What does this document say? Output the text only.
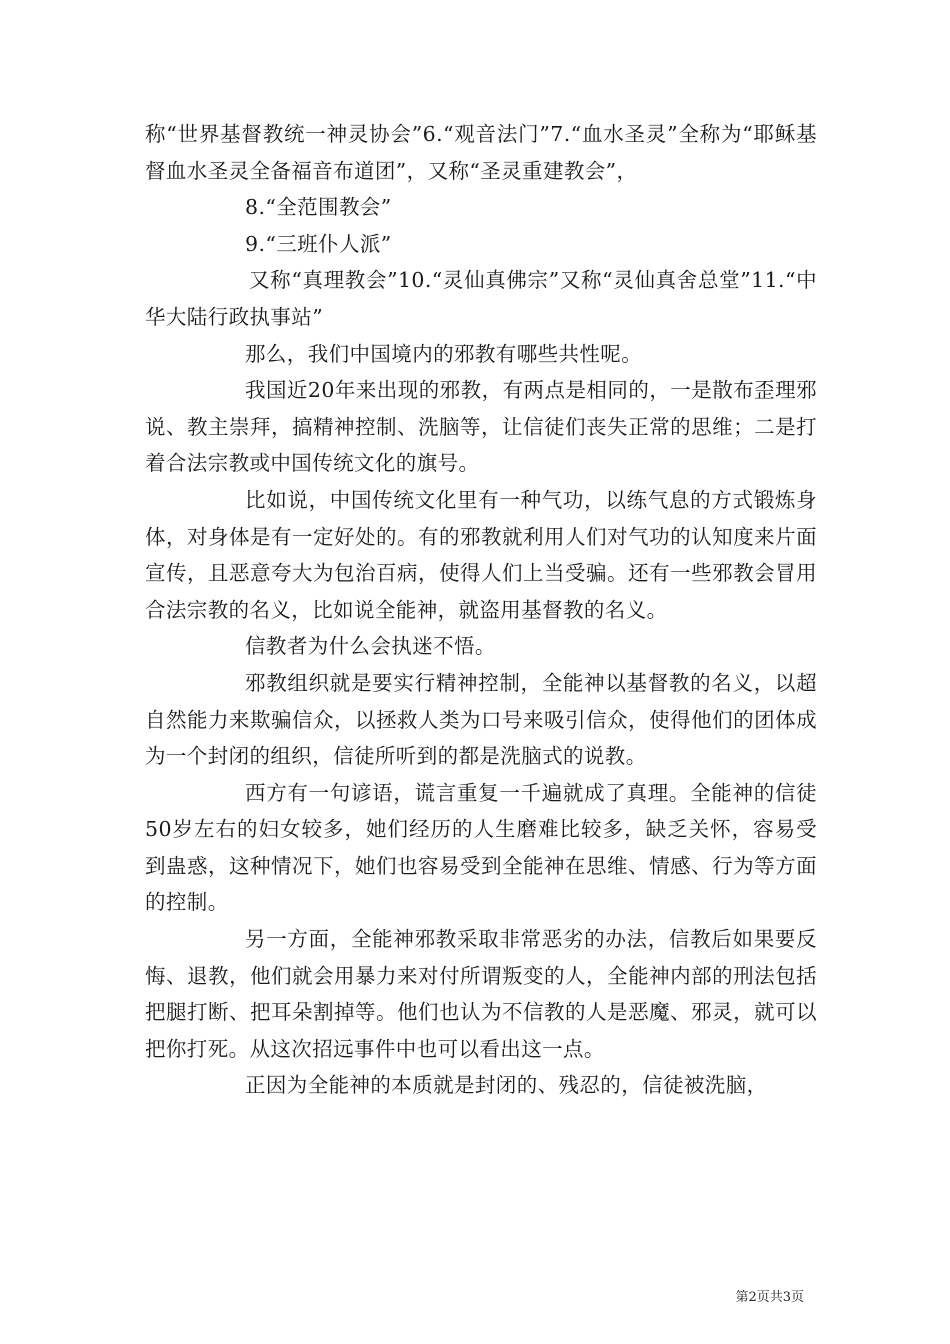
称“世界基督教统一神灵协会”6.“观音法门”7.“血水圣灵”全称为“耶稣基督血水圣灵全备福音布道团”，又称“圣灵重建教会”，

8.“全范围教会”

9.“三班仆人派”

又称“真理教会”10.“灵仙真佛宗”又称“灵仙真舍总堂”11.“中华大陆行政执事站”

那么，我们中国境内的邪教有哪些共性呢。

我国近20年来出现的邪教，有两点是相同的，一是散布歪理邪说、教主崇拜，搞精神控制、洗脑等，让信徒们丧失正常的思维；二是打着合法宗教或中国传统文化的旗号。

比如说，中国传统文化里有一种气功，以练气息的方式锻炼身体，对身体是有一定好处的。有的邪教就利用人们对气功的认知度来片面宣传，且恶意夸大为包治百病，使得人们上当受骗。还有一些邪教会冒用合法宗教的名义，比如说全能神，就盗用基督教的名义。

信教者为什么会执迷不悟。

邪教组织就是要实行精神控制，全能神以基督教的名义，以超自然能力来欺骗信众，以拯救人类为口号来吸引信众，使得他们的团体成为一个封闭的组织，信徒所听到的都是洗脑式的说教。

西方有一句谚语，谎言重复一千遍就成了真理。全能神的信徒50岁左右的妇女较多，她们经历的人生磨难比较多，缺乏关怀，容易受到蛊惑，这种情况下，她们也容易受到全能神在思维、情感、行为等方面的控制。

另一方面，全能神邪教采取非常恶劣的办法，信教后如果要反悔、退教，他们就会用暴力来对付所谓叛变的人，全能神内部的刑法包括把腿打断、把耳朵割掉等。他们也认为不信教的人是恶魔、邪灵，就可以把你打死。从这次招远事件中也可以看出这一点。

正因为全能神的本质就是封闭的、残忍的，信徒被洗脑，

第2页共3页
